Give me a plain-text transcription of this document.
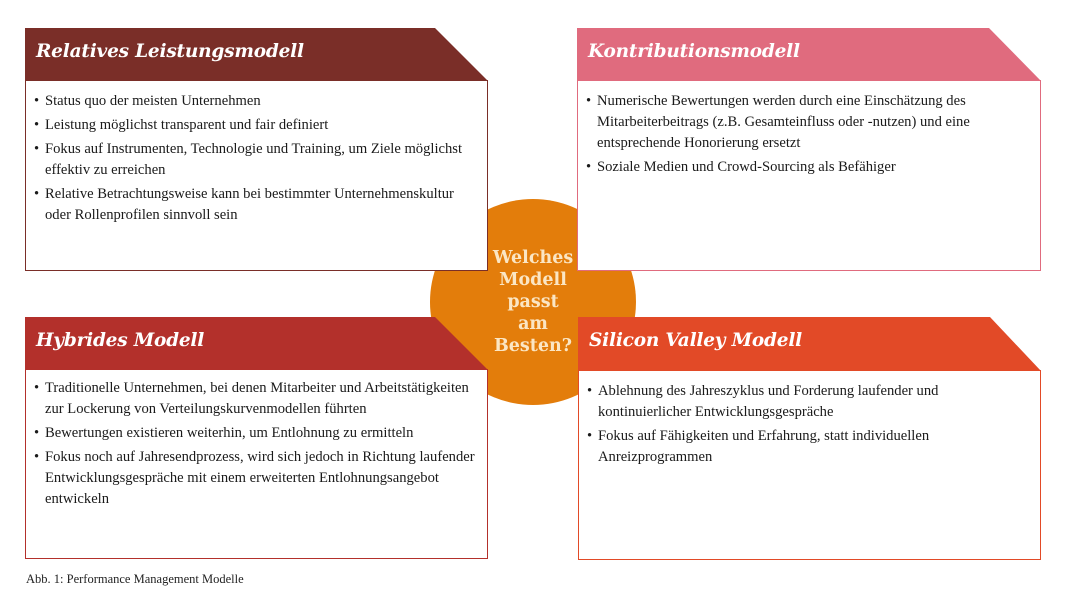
Welches
Modell passt
am
Besten?
Relatives Leistungsmodell
• Status quo der meisten Unternehmen
• Leistung möglichst transparent und fair definiert
• Fokus auf Instrumenten, Technologie und Training, um Ziele möglichst effektiv zu erreichen
• Relative Betrachtungsweise kann bei bestimmter Unternehmenskultur oder Rollenprofilen sinnvoll sein
Kontributionsmodell
• Numerische Bewertungen werden durch eine Einschätzung des Mitarbeiterbeitrags (z.B. Gesamteinfluss oder -nutzen) und eine entsprechende Honorierung ersetzt
• Soziale Medien und Crowd-Sourcing als Befähiger
Hybrides Modell
• Traditionelle Unternehmen, bei denen Mitarbeiter und Arbeitstätigkeiten zur Lockerung von Verteilungskurvenmodellen führten
• Bewertungen existieren weiterhin, um Entlohnung zu ermitteln
• Fokus noch auf Jahresendprozess, wird sich jedoch in Richtung laufender Entwicklungsgespräche mit einem erweiterten Entlohnungsangebot entwickeln
Silicon Valley Modell
• Ablehnung des Jahreszyklus und Forderung laufender und kontinuierlicher Entwicklungsgespräche
• Fokus auf Fähigkeiten und Erfahrung, statt individuellen Anreizprogrammen
Abb. 1: Performance Management Modelle
